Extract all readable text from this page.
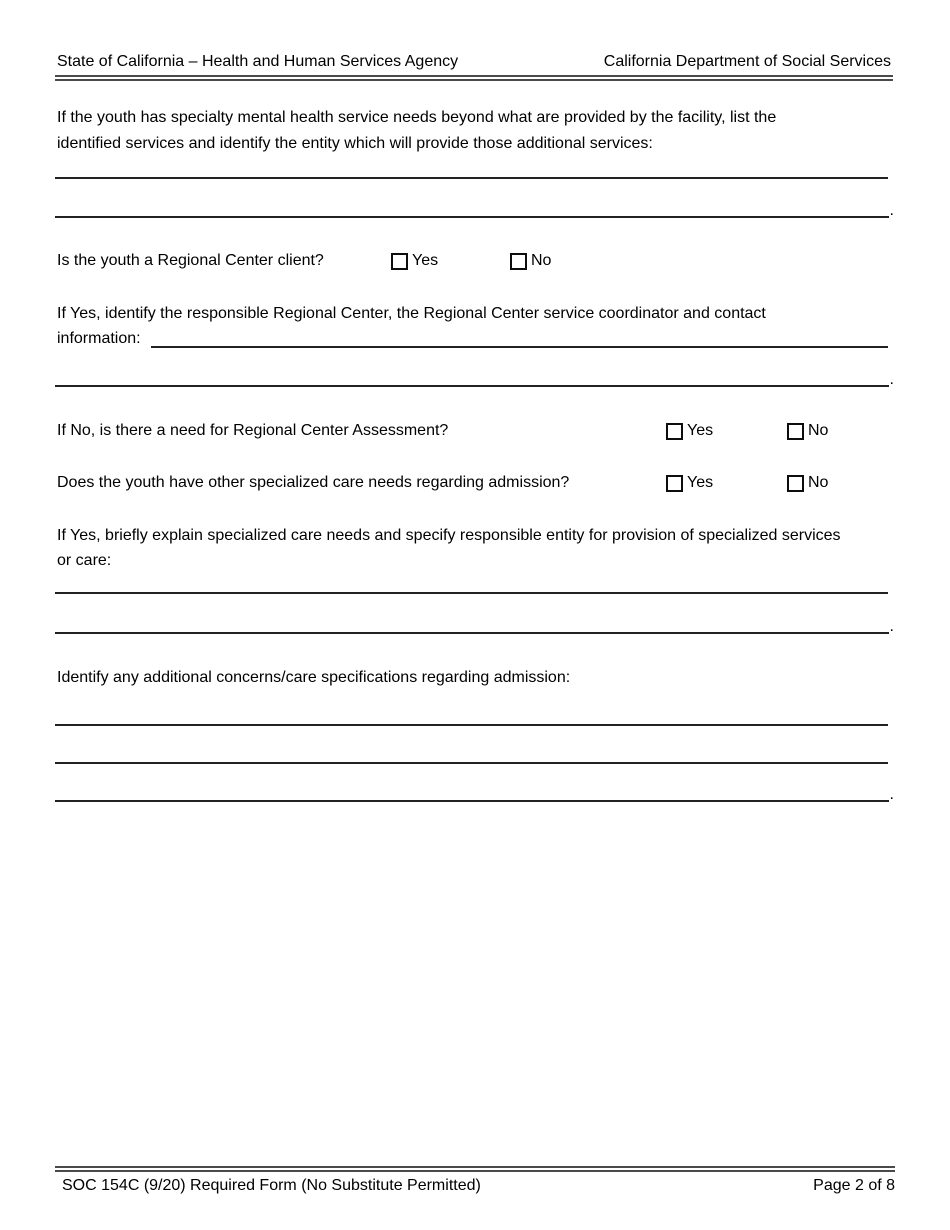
State of California – Health and Human Services Agency	California Department of Social Services
If the youth has specialty mental health service needs beyond what are provided by the facility, list the
identified services and identify the entity which will provide those additional services:
.
Is the youth a Regional Center client?	Yes	No
If Yes, identify the responsible Regional Center, the Regional Center service coordinator and contact
information:
.
If No, is there a need for Regional Center Assessment?	Yes	No
Does the youth have other specialized care needs regarding admission?	Yes	No
If Yes, briefly explain specialized care needs and specify responsible entity for provision of specialized services
or care:
.
Identify any additional concerns/care specifications regarding admission:
.
SOC 154C (9/20) Required Form (No Substitute Permitted)	Page 2 of 8
